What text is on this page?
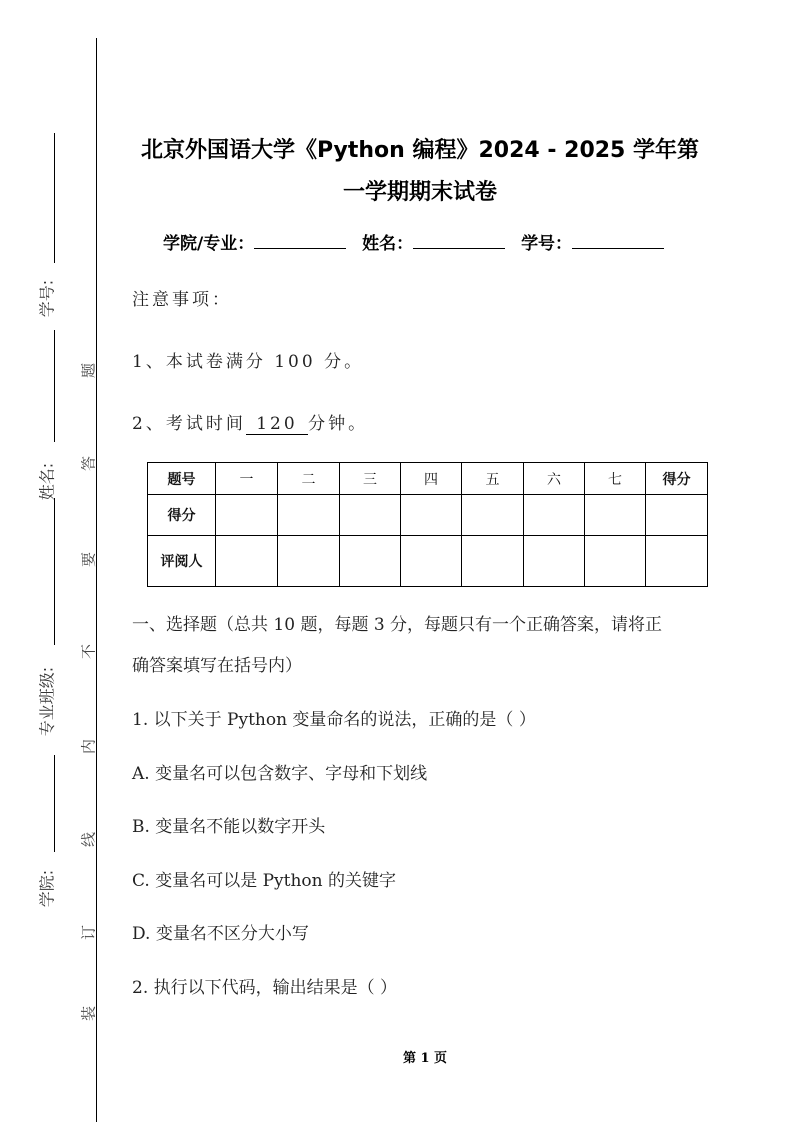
学号:
姓名:
专业班级:
学院:
题
答
要
不
内
线
订
装
北京外国语大学《Python 编程》2024 - 2025 学年第
一学期期末试卷
学院/专业：	姓名：	学号：
注意事项：
1、本试卷满分 100 分。
2、考试时间 120 分钟。
题号	一	二	三	四	五	六	七	得分
得分								
评阅人								
一、选择题（总共 10 题，每题 3 分，每题只有一个正确答案，请将正
确答案填写在括号内）
1. 以下关于 Python 变量命名的说法，正确的是（ ）
A. 变量名可以包含数字、字母和下划线
B. 变量名不能以数字开头
C. 变量名可以是 Python 的关键字
D. 变量名不区分大小写
2. 执行以下代码，输出结果是（ ）
第 1 页
